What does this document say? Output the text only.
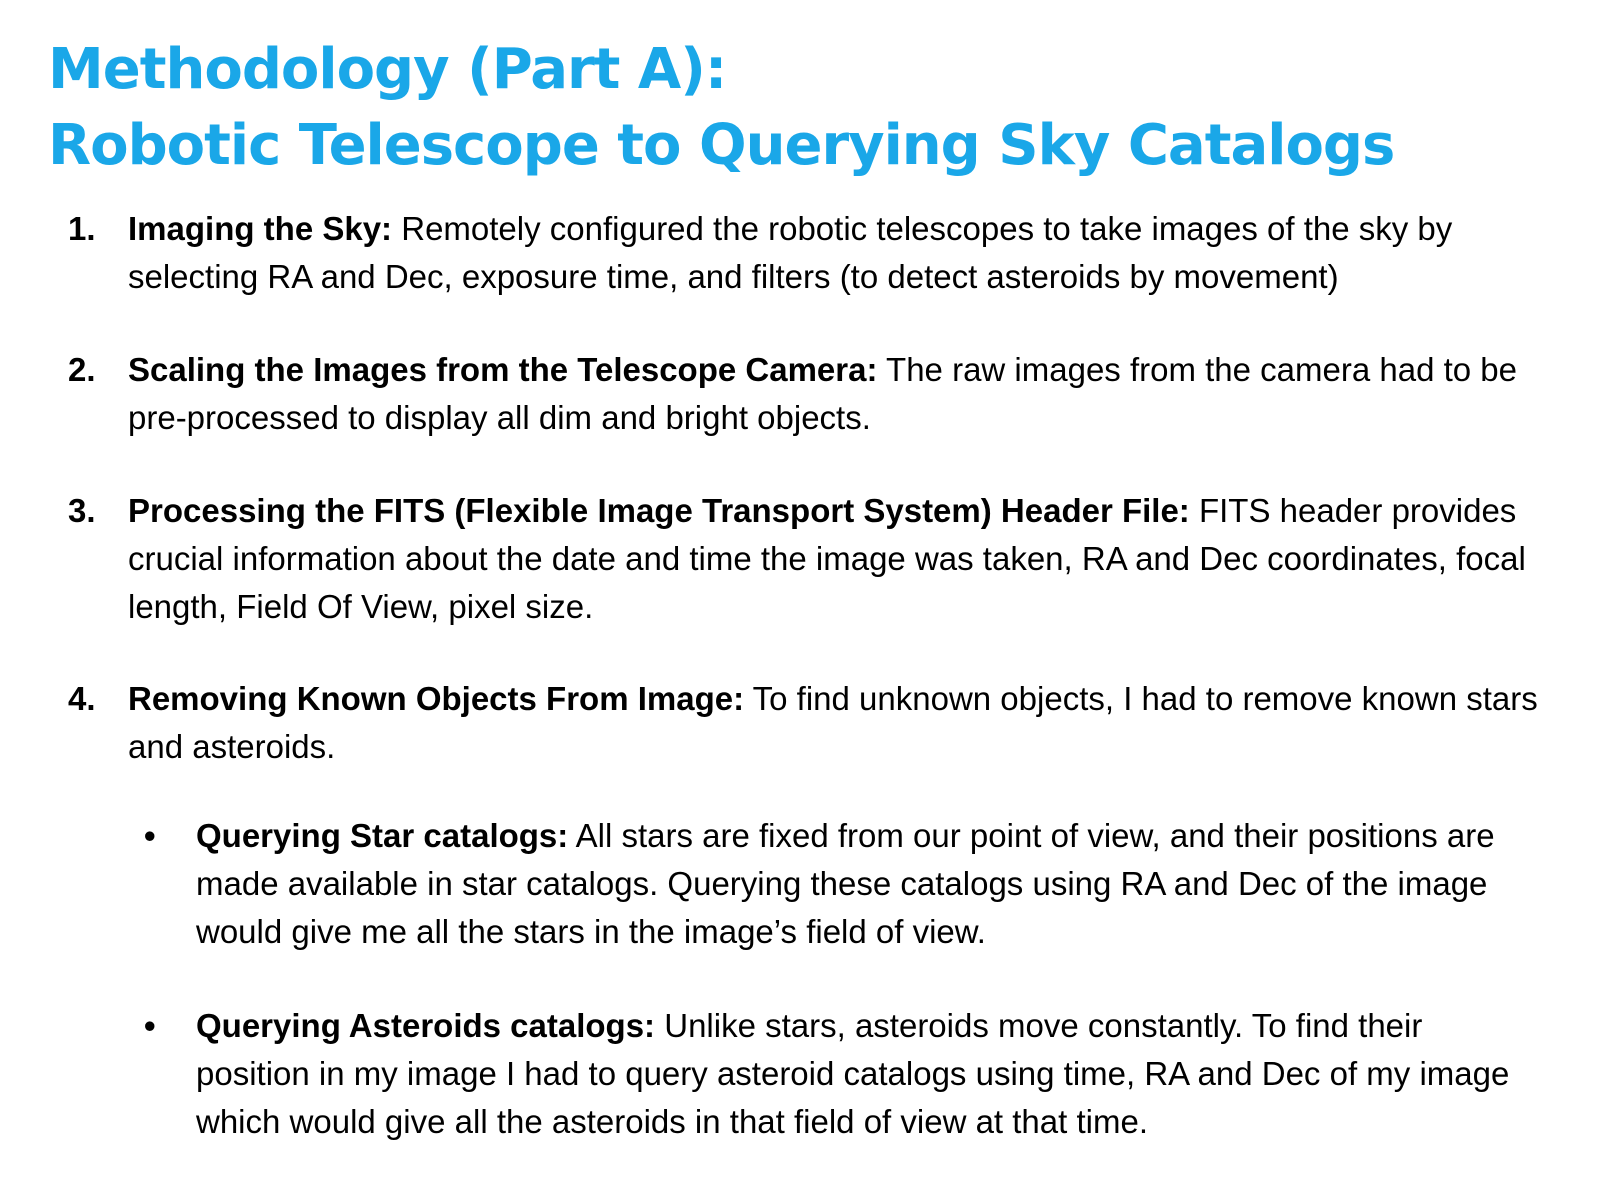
Methodology (Part A):
Robotic Telescope to Querying Sky Catalogs
1. Imaging the Sky: Remotely configured the robotic telescopes to take images of the sky by selecting RA and Dec, exposure time, and filters (to detect asteroids by movement)
2. Scaling the Images from the Telescope Camera: The raw images from the camera had to be pre-processed to display all dim and bright objects.
3. Processing the FITS (Flexible Image Transport System) Header File: FITS header provides crucial information about the date and time the image was taken, RA and Dec coordinates, focal length, Field Of View, pixel size.
4. Removing Known Objects From Image: To find unknown objects, I had to remove known stars and asteroids.
• Querying Star catalogs: All stars are fixed from our point of view, and their positions are made available in star catalogs. Querying these catalogs using RA and Dec of the image would give me all the stars in the image’s field of view.
• Querying Asteroids catalogs: Unlike stars, asteroids move constantly. To find their position in my image I had to query asteroid catalogs using time, RA and Dec of my image which would give all the asteroids in that field of view at that time.
